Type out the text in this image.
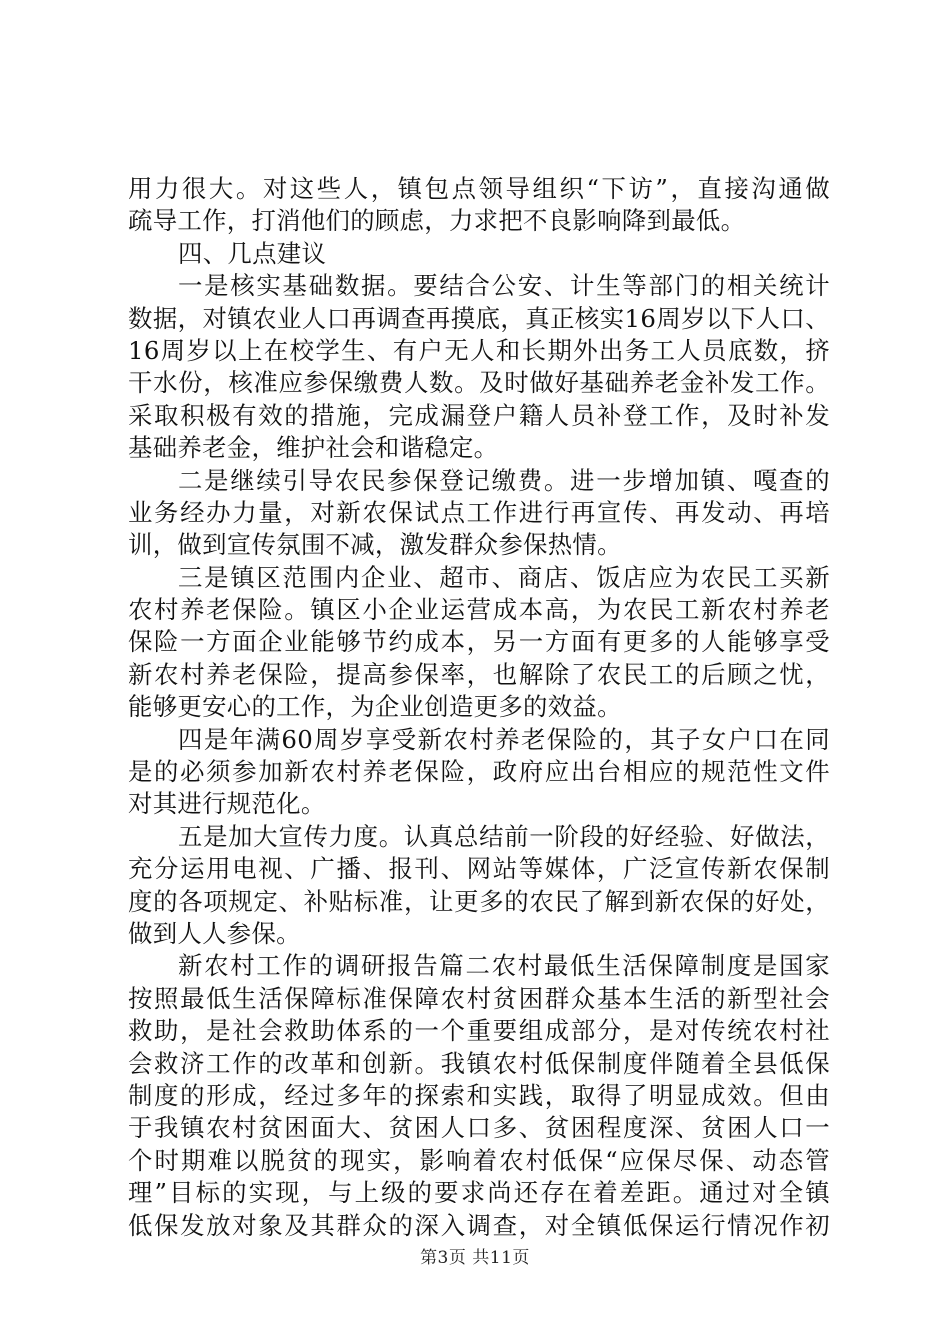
用力很大。对这些人，镇包点领导组织“下访”，直接沟通做
疏导工作，打消他们的顾虑，力求把不良影响降到最低。
四、几点建议
一是核实基础数据。要结合公安、计生等部门的相关统计
数据，对镇农业人口再调查再摸底，真正核实16周岁以下人口、
16周岁以上在校学生、有户无人和长期外出务工人员底数，挤
干水份，核准应参保缴费人数。及时做好基础养老金补发工作。
采取积极有效的措施，完成漏登户籍人员补登工作，及时补发
基础养老金，维护社会和谐稳定。
二是继续引导农民参保登记缴费。进一步增加镇、嘎查的
业务经办力量，对新农保试点工作进行再宣传、再发动、再培
训，做到宣传氛围不减，激发群众参保热情。
三是镇区范围内企业、超市、商店、饭店应为农民工买新
农村养老保险。镇区小企业运营成本高，为农民工新农村养老
保险一方面企业能够节约成本，另一方面有更多的人能够享受
新农村养老保险，提高参保率，也解除了农民工的后顾之忧，
能够更安心的工作，为企业创造更多的效益。
四是年满60周岁享受新农村养老保险的，其子女户口在同
是的必须参加新农村养老保险，政府应出台相应的规范性文件
对其进行规范化。
五是加大宣传力度。认真总结前一阶段的好经验、好做法，
充分运用电视、广播、报刊、网站等媒体，广泛宣传新农保制
度的各项规定、补贴标准，让更多的农民了解到新农保的好处，
做到人人参保。
新农村工作的调研报告篇二农村最低生活保障制度是国家
按照最低生活保障标准保障农村贫困群众基本生活的新型社会
救助，是社会救助体系的一个重要组成部分，是对传统农村社
会救济工作的改革和创新。我镇农村低保制度伴随着全县低保
制度的形成，经过多年的探索和实践，取得了明显成效。但由
于我镇农村贫困面大、贫困人口多、贫困程度深、贫困人口一
个时期难以脱贫的现实，影响着农村低保“应保尽保、动态管
理”目标的实现，与上级的要求尚还存在着差距。通过对全镇
低保发放对象及其群众的深入调查，对全镇低保运行情况作初
第3页 共11页
